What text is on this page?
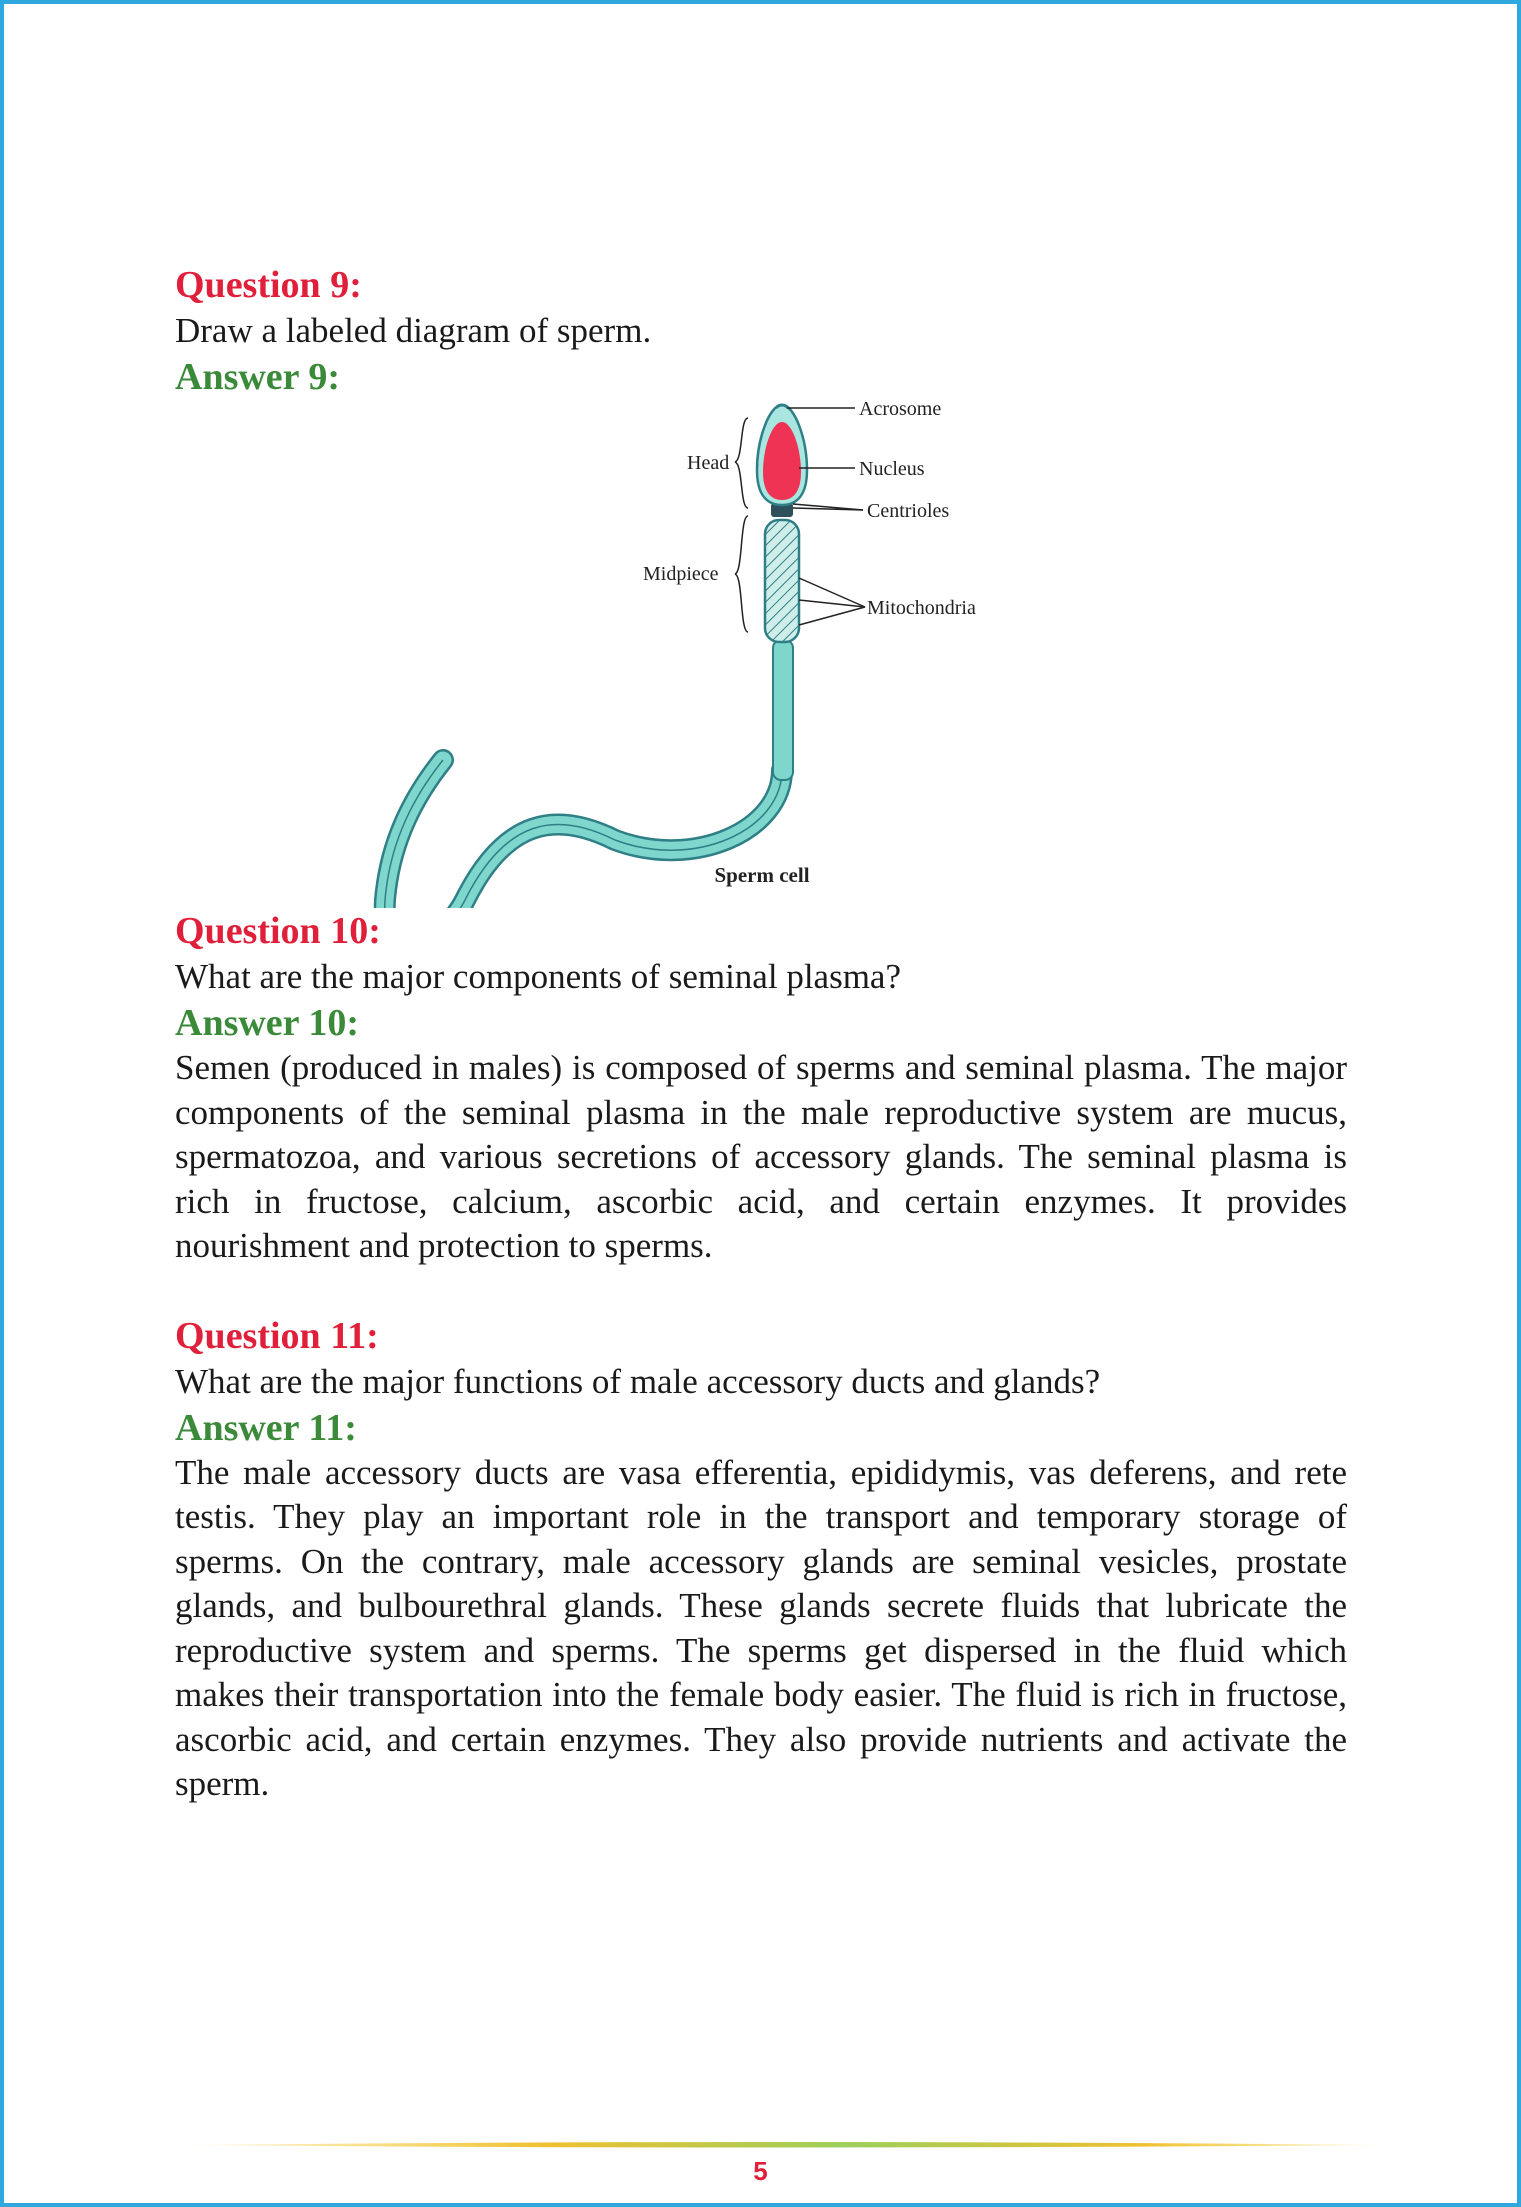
Question 9:
Draw a labeled diagram of sperm.
Answer 9:
Acrosome
Nucleus
Centrioles
Mitochondria
Head
Midpiece
Sperm cell
Question 10:
What are the major components of seminal plasma?
Answer 10:

Semen (produced in males) is composed of sperms and seminal plasma. The major components of the seminal plasma in the male reproductive system are mucus, spermatozoa, and various secretions of accessory glands. The seminal plasma is rich in fructose, calcium, ascorbic acid, and certain enzymes. It provides nourishment and protection to sperms.

Question 11:
What are the major functions of male accessory ducts and glands?
Answer 11:

The male accessory ducts are vasa efferentia, epididymis, vas deferens, and rete testis. They play an important role in the transport and temporary storage of sperms. On the contrary, male accessory glands are seminal vesicles, prostate glands, and bulbourethral glands. These glands secrete fluids that lubricate the reproductive system and sperms. The sperms get dispersed in the fluid which makes their transportation into the female body easier. The fluid is rich in fructose, ascorbic acid, and certain enzymes. They also provide nutrients and activate the sperm.

5
